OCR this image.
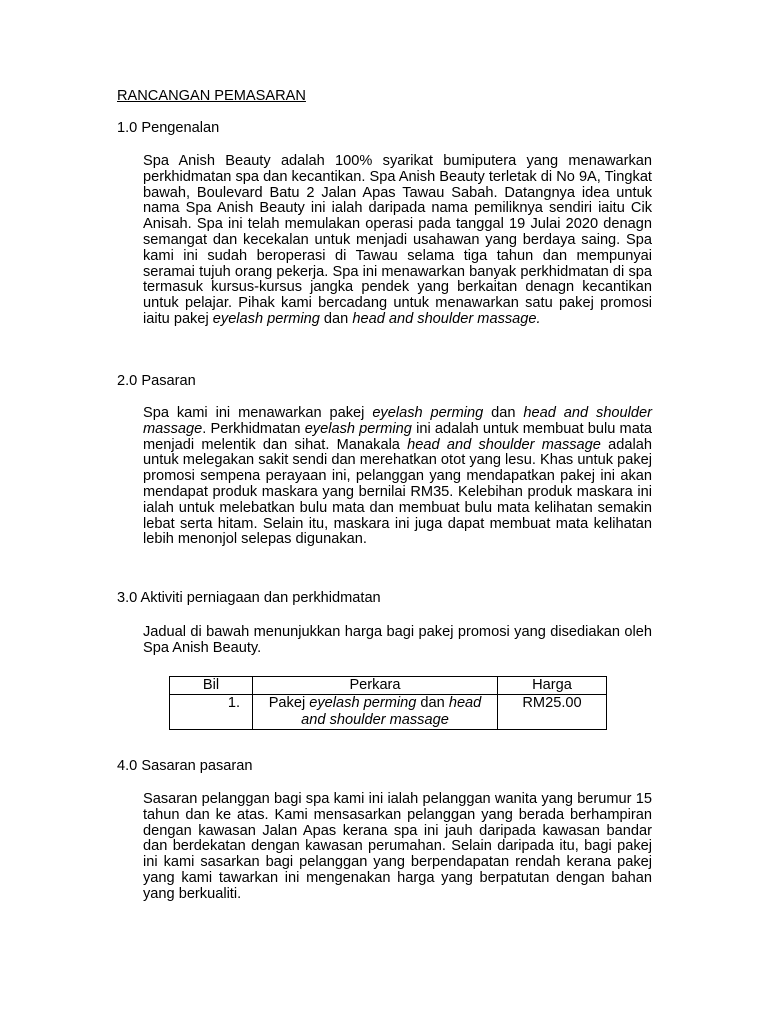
RANCANGAN PEMASARAN
1.0 Pengenalan
Spa Anish Beauty adalah 100% syarikat bumiputera yang menawarkan perkhidmatan spa dan kecantikan. Spa Anish Beauty terletak di No 9A, Tingkat bawah, Boulevard Batu 2 Jalan Apas Tawau Sabah. Datangnya idea untuk nama Spa Anish Beauty ini ialah daripada nama pemiliknya sendiri iaitu Cik Anisah. Spa ini telah memulakan operasi pada tanggal 19 Julai 2020 denagn semangat dan kecekalan untuk menjadi usahawan yang berdaya saing. Spa kami ini sudah beroperasi di Tawau selama tiga tahun dan mempunyai seramai tujuh orang pekerja. Spa ini menawarkan banyak perkhidmatan di spa termasuk kursus-kursus jangka pendek yang berkaitan denagn kecantikan untuk pelajar. Pihak kami bercadang untuk menawarkan satu pakej promosi iaitu pakej eyelash perming dan head and shoulder massage.
2.0 Pasaran
Spa kami ini menawarkan pakej eyelash perming dan head and shoulder massage. Perkhidmatan eyelash perming ini adalah untuk membuat bulu mata menjadi melentik dan sihat. Manakala head and shoulder massage adalah untuk melegakan sakit sendi dan merehatkan otot yang lesu. Khas untuk pakej promosi sempena perayaan ini, pelanggan yang mendapatkan pakej ini akan mendapat produk maskara yang bernilai RM35. Kelebihan produk maskara ini ialah untuk melebatkan bulu mata dan membuat bulu mata kelihatan semakin lebat serta hitam. Selain itu, maskara ini juga dapat membuat mata kelihatan lebih menonjol selepas digunakan.
3.0 Aktiviti perniagaan dan perkhidmatan
Jadual di bawah menunjukkan harga bagi pakej promosi yang disediakan oleh Spa Anish Beauty.
Bil	Perkara	Harga
1.	Pakej eyelash perming dan head and shoulder massage	RM25.00
4.0 Sasaran pasaran
Sasaran pelanggan bagi spa kami ini ialah pelanggan wanita yang berumur 15 tahun dan ke atas. Kami mensasarkan pelanggan yang berada berhampiran dengan kawasan Jalan Apas kerana spa ini jauh daripada kawasan bandar dan berdekatan dengan kawasan perumahan. Selain daripada itu, bagi pakej ini kami sasarkan bagi pelanggan yang berpendapatan rendah kerana pakej yang kami tawarkan ini mengenakan harga yang berpatutan dengan bahan yang berkualiti.
